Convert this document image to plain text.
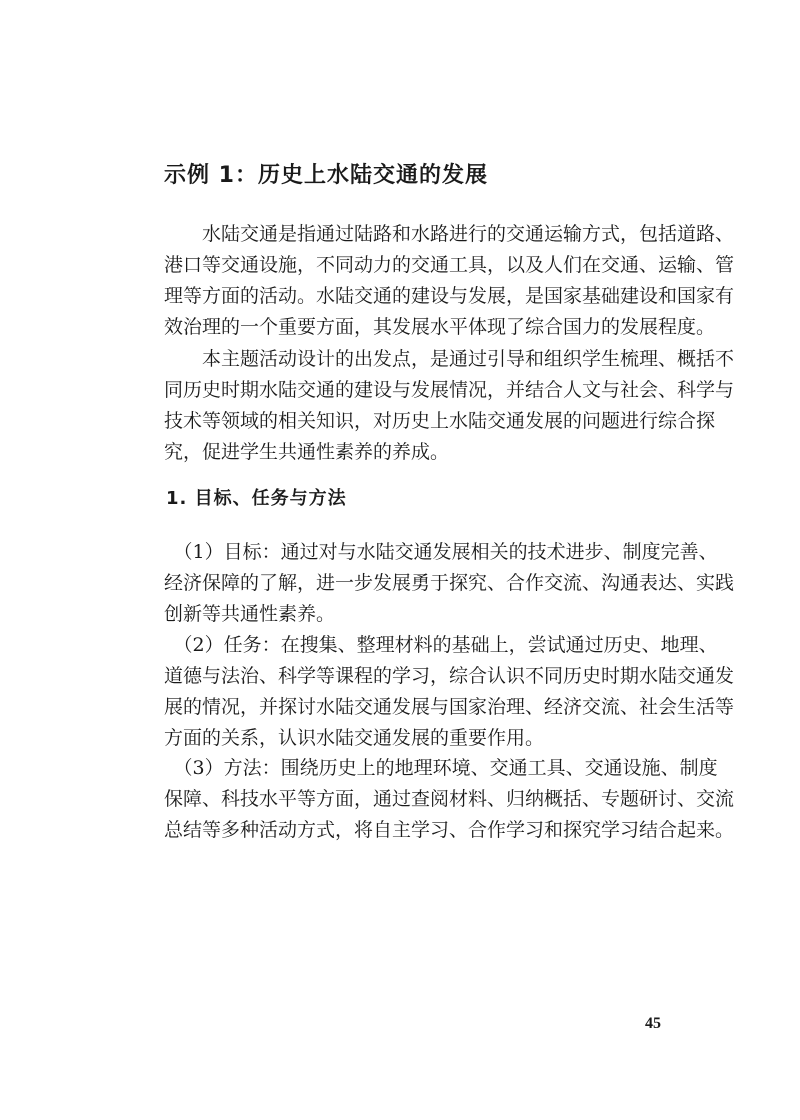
示例 1：历史上水陆交通的发展

　　水陆交通是指通过陆路和水路进行的交通运输方式，包括道路、
港口等交通设施，不同动力的交通工具，以及人们在交通、运输、管
理等方面的活动。水陆交通的建设与发展，是国家基础建设和国家有
效治理的一个重要方面，其发展水平体现了综合国力的发展程度。

　　本主题活动设计的出发点，是通过引导和组织学生梳理、概括不
同历史时期水陆交通的建设与发展情况，并结合人文与社会、科学与
技术等领域的相关知识，对历史上水陆交通发展的问题进行综合探
究，促进学生共通性素养的养成。

1. 目标、任务与方法

　（1）目标：通过对与水陆交通发展相关的技术进步、制度完善、
经济保障的了解，进一步发展勇于探究、合作交流、沟通表达、实践
创新等共通性素养。

　（2）任务：在搜集、整理材料的基础上，尝试通过历史、地理、
道德与法治、科学等课程的学习，综合认识不同历史时期水陆交通发
展的情况，并探讨水陆交通发展与国家治理、经济交流、社会生活等
方面的关系，认识水陆交通发展的重要作用。

　（3）方法：围绕历史上的地理环境、交通工具、交通设施、制度
保障、科技水平等方面，通过查阅材料、归纳概括、专题研讨、交流
总结等多种活动方式，将自主学习、合作学习和探究学习结合起来。

45
